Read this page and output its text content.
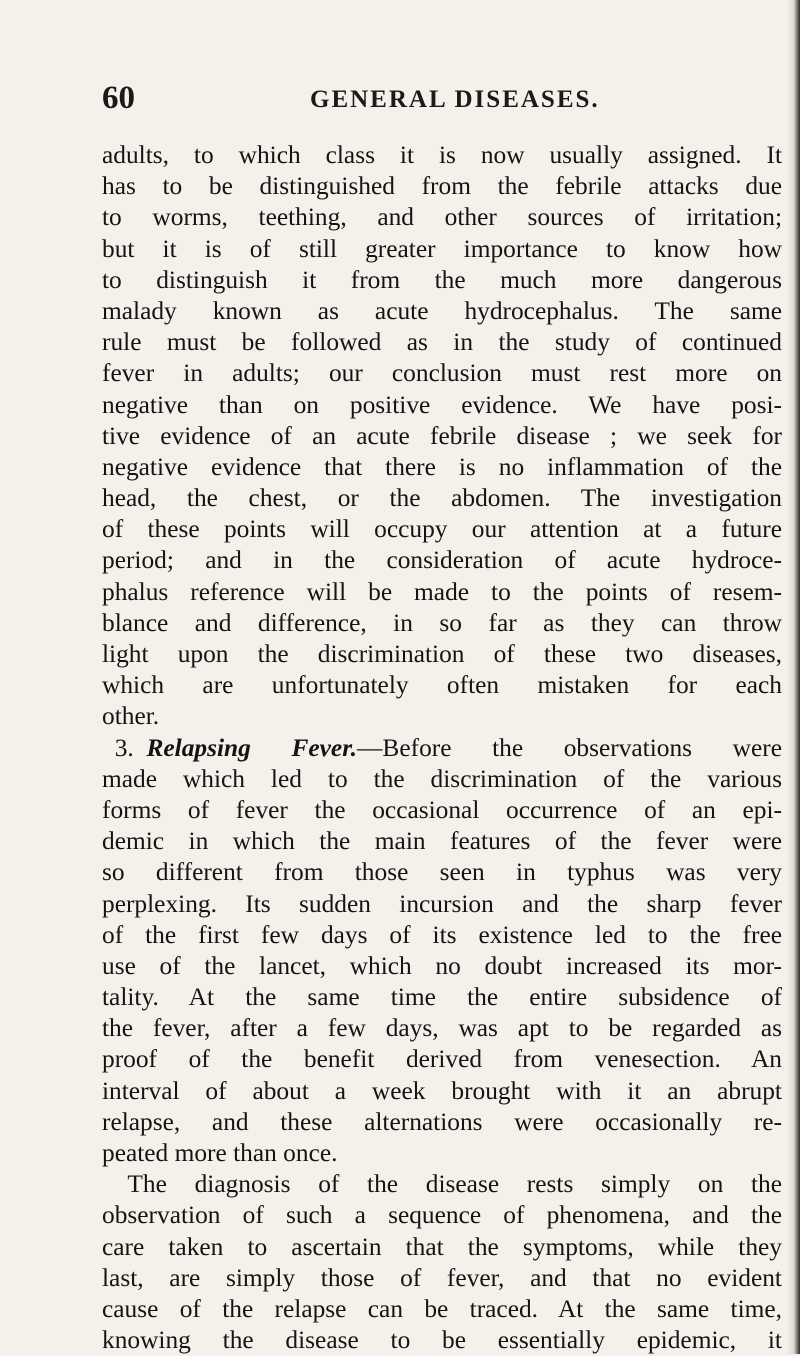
60	GENERAL DISEASES.
adults, to which class it is now usually assigned. It
has to be distinguished from the febrile attacks due
to worms, teething, and other sources of irritation;
but it is of still greater importance to know how
to distinguish it from the much more dangerous
malady known as acute hydrocephalus. The same
rule must be followed as in the study of continued
fever in adults; our conclusion must rest more on
negative than on positive evidence. We have posi-
tive evidence of an acute febrile disease ; we seek for
negative evidence that there is no inflammation of the
head, the chest, or the abdomen. The investigation
of these points will occupy our attention at a future
period; and in the consideration of acute hydroce-
phalus reference will be made to the points of resem-
blance and difference, in so far as they can throw
light upon the discrimination of these two diseases,
which are unfortunately often mistaken for each
other.
 3.  Relapsing Fever.—Before the observations were
made which led to the discrimination of the various
forms of fever the occasional occurrence of an epi-
demic in which the main features of the fever were
so different from those seen in typhus was very
perplexing. Its sudden incursion and the sharp fever
of the first few days of its existence led to the free
use of the lancet, which no doubt increased its mor-
tality. At the same time the entire subsidence of
the fever, after a few days, was apt to be regarded as
proof of the benefit derived from venesection. An
interval of about a week brought with it an abrupt
relapse, and these alternations were occasionally re-
peated more than once.
  The diagnosis of the disease rests simply on the
observation of such a sequence of phenomena, and the
care taken to ascertain that the symptoms, while they
last, are simply those of fever, and that no evident
cause of the relapse can be traced. At the same time,
knowing the disease to be essentially epidemic, it
